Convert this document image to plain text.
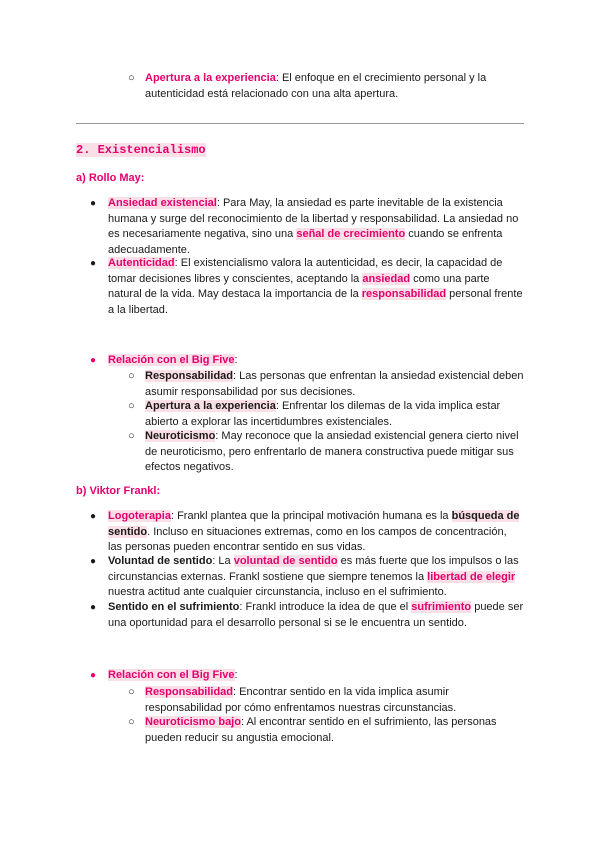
○ Apertura a la experiencia: El enfoque en el crecimiento personal y la
autenticidad está relacionado con una alta apertura.
2. Existencialismo
a) Rollo May:
● Ansiedad existencial: Para May, la ansiedad es parte inevitable de la existencia
humana y surge del reconocimiento de la libertad y responsabilidad. La ansiedad no
es necesariamente negativa, sino una señal de crecimiento cuando se enfrenta
adecuadamente.
● Autenticidad: El existencialismo valora la autenticidad, es decir, la capacidad de
tomar decisiones libres y conscientes, aceptando la ansiedad como una parte
natural de la vida. May destaca la importancia de la responsabilidad personal frente
a la libertad.
● Relación con el Big Five:
○ Responsabilidad: Las personas que enfrentan la ansiedad existencial deben
asumir responsabilidad por sus decisiones.
○ Apertura a la experiencia: Enfrentar los dilemas de la vida implica estar
abierto a explorar las incertidumbres existenciales.
○ Neuroticismo: May reconoce que la ansiedad existencial genera cierto nivel
de neuroticismo, pero enfrentarlo de manera constructiva puede mitigar sus
efectos negativos.
b) Viktor Frankl:
● Logoterapia: Frankl plantea que la principal motivación humana es la búsqueda de
sentido. Incluso en situaciones extremas, como en los campos de concentración,
las personas pueden encontrar sentido en sus vidas.
● Voluntad de sentido: La voluntad de sentido es más fuerte que los impulsos o las
circunstancias externas. Frankl sostiene que siempre tenemos la libertad de elegir
nuestra actitud ante cualquier circunstancia, incluso en el sufrimiento.
● Sentido en el sufrimiento: Frankl introduce la idea de que el sufrimiento puede ser
una oportunidad para el desarrollo personal si se le encuentra un sentido.
● Relación con el Big Five:
○ Responsabilidad: Encontrar sentido en la vida implica asumir
responsabilidad por cómo enfrentamos nuestras circunstancias.
○ Neuroticismo bajo: Al encontrar sentido en el sufrimiento, las personas
pueden reducir su angustia emocional.
